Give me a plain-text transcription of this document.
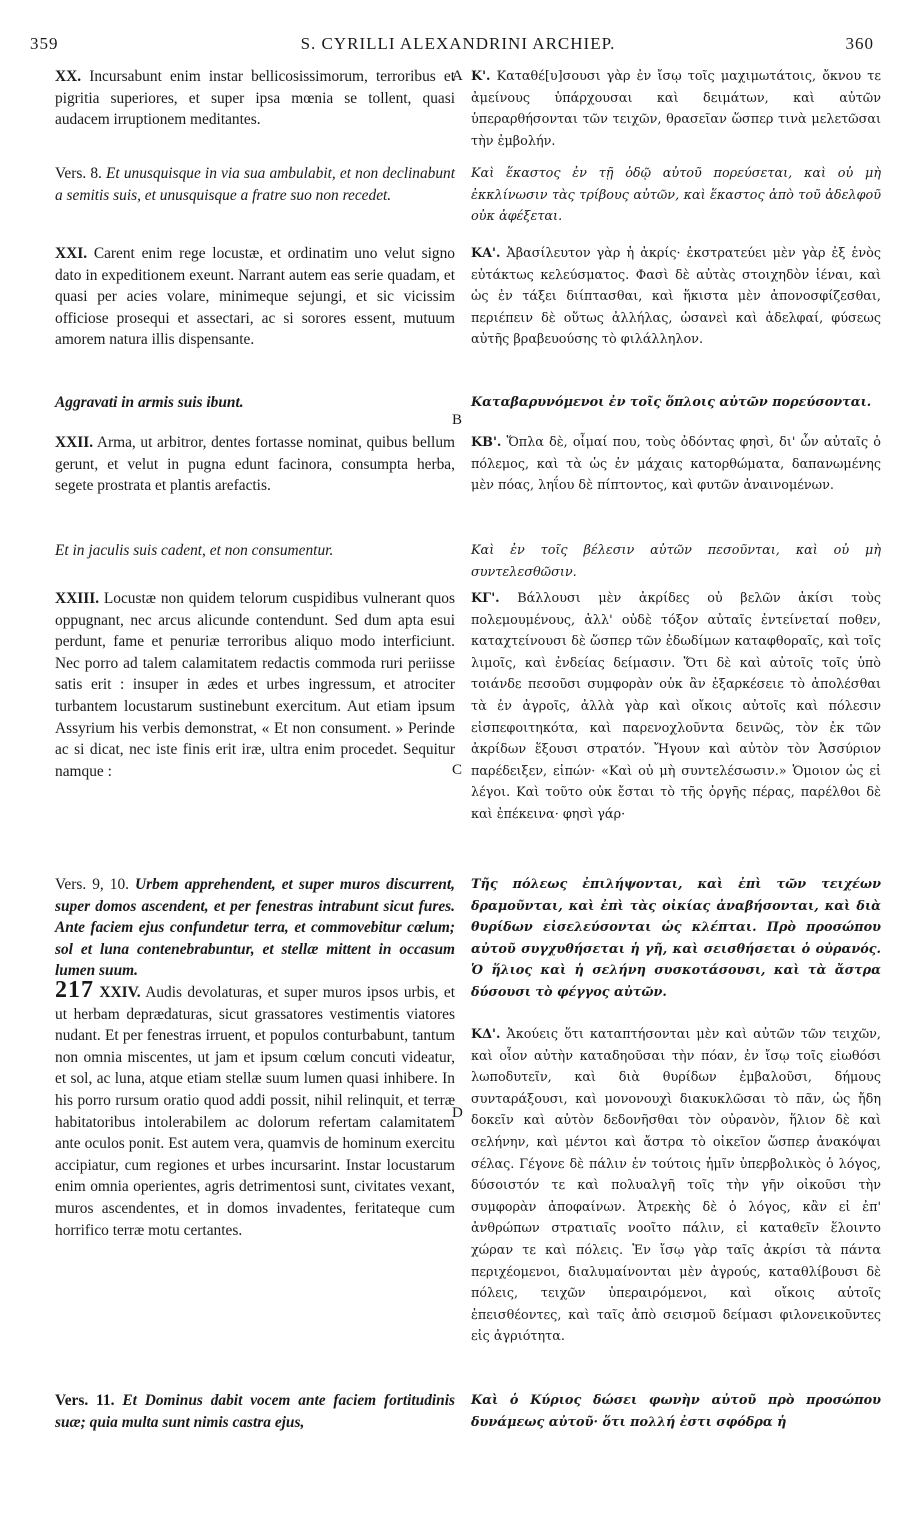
359	S. CYRILLI ALEXANDRINI ARCHIEP.	360
A
B
C
D

XX. Incursabunt enim instar bellicosissimorum, terroribus et pigritia superiores, et super ipsa mœnia se tollent, quasi audacem irruptionem meditantes.

Vers. 8. Et unusquisque in via sua ambulabit, et non declinabunt a semitis suis, et unusquisque a fratre suo non recedet.

XXI. Carent enim rege locustæ, et ordinatim uno velut signo dato in expeditionem exeunt. Narrant autem eas serie quadam, et quasi per acies volare, minimeque sejungi, et sic vicissim officiose prosequi et assectari, ac si sorores essent, mutuum amorem natura illis dispensante.

Aggravati in armis suis ibunt.

XXII. Arma, ut arbitror, dentes fortasse nominat, quibus bellum gerunt, et velut in pugna edunt facinora, consumpta herba, segete prostrata et plantis arefactis.

Et in jaculis suis cadent, et non consumentur.

XXIII. Locustæ non quidem telorum cuspidibus vulnerant quos oppugnant, nec arcus alicunde contendunt. Sed dum apta esui perdunt, fame et penuriæ terroribus aliquo modo interficiunt. Nec porro ad talem calamitatem redactis commoda ruri periisse satis erit : insuper in ædes et urbes ingressum, et atrociter turbantem locustarum sustinebunt exercitum. Aut etiam ipsum Assyrium his verbis demonstrat, « Et non consument. » Perinde ac si dicat, nec iste finis erit iræ, ultra enim procedet. Sequitur namque :

Vers. 9, 10. Urbem apprehendent, et super muros discurrent, super domos ascendent, et per fenestras intrabunt sicut fures. Ante faciem ejus confundetur terra, et commovebitur cœlum; sol et luna contenebrabuntur, et stellæ mittent in occasum lumen suum.

217 XXIV. Audis devolaturas, et super muros ipsos urbis, et ut herbam deprædaturas, sicut grassatores vestimentis viatores nudant. Et per fenestras irruent, et populos conturbabunt, tantum non omnia miscentes, ut jam et ipsum cœlum concuti videatur, et sol, ac luna, atque etiam stellæ suum lumen quasi inhibere. In his porro rursum oratio quod addi possit, nihil relinquit, et terræ habitatoribus intolerabilem ac dolorum refertam calamitatem ante oculos ponit. Est autem vera, quamvis de hominum exercitu accipiatur, cum regiones et urbes incursarint. Instar locustarum enim omnia operientes, agris detrimentosi sunt, civitates vexant, muros ascendentes, et in domos invadentes, feritateque cum horrifico terræ motu certantes.

Vers. 11. Et Dominus dabit vocem ante faciem fortitudinis suæ; quia multa sunt nimis castra ejus,

Κ'. Καταθέ[υ]σουσι γὰρ ἐν ἴσῳ τοῖς μαχιμωτάτοις, ὄκνου τε ἀμείνους ὑπάρχουσαι καὶ δειμάτων, καὶ αὐτῶν ὑπεραρθήσονται τῶν τειχῶν, θρασεῖαν ὥσπερ τινὰ μελετῶσαι τὴν ἐμβολήν.

Καὶ ἕκαστος ἐν τῇ ὁδῷ αὐτοῦ πορεύσεται, καὶ οὐ μὴ ἐκκλίνωσιν τὰς τρίβους αὐτῶν, καὶ ἕκαστος ἀπὸ τοῦ ἀδελφοῦ οὐκ ἀφέξεται.

ΚΑ'. Ἀβασίλευτον γὰρ ἡ ἀκρίς· ἐκστρατεύει μὲν γὰρ ἐξ ἑνὸς εὐτάκτως κελεύσματος. Φασὶ δὲ αὐτὰς στοιχηδὸν ἰέναι, καὶ ὡς ἐν τάξει διίπτασθαι, καὶ ἥκιστα μὲν ἀπονοσφίζεσθαι, περιέπειν δὲ οὕτως ἀλλήλας, ὡσανεὶ καὶ ἀδελφαί, φύσεως αὐτῆς βραβευούσης τὸ φιλάλληλον.

Καταβαρυνόμενοι ἐν τοῖς ὅπλοις αὐτῶν πορεύσονται.

ΚΒ'. Ὅπλα δὲ, οἶμαί που, τοὺς ὀδόντας φησὶ, δι' ὧν αὐταῖς ὁ πόλεμος, καὶ τὰ ὡς ἐν μάχαις κατορθώματα, δαπανωμένης μὲν πόας, ληΐου δὲ πίπτοντος, καὶ φυτῶν ἀναινομένων.

Καὶ ἐν τοῖς βέλεσιν αὐτῶν πεσοῦνται, καὶ οὐ μὴ συντελεσθῶσιν.

ΚΓ'. Βάλλουσι μὲν ἀκρίδες οὐ βελῶν ἀκίσι τοὺς πολεμουμένους, ἀλλ' οὐδὲ τόξον αὐταῖς ἐντείνεταί ποθεν, καταχτείνουσι δὲ ὥσπερ τῶν ἐδωδίμων καταφθοραῖς, καὶ τοῖς λιμοῖς, καὶ ἐνδείας δείμασιν. Ὅτι δὲ καὶ αὐτοῖς τοῖς ὑπὸ τοιάνδε πεσοῦσι συμφορὰν οὐκ ἂν ἐξαρκέσειε τὸ ἀπολέσθαι τὰ ἐν ἀγροῖς, ἀλλὰ γὰρ καὶ οἴκοις αὐτοῖς καὶ πόλεσιν εἰσπεφοιτηκότα, καὶ παρενοχλοῦντα δεινῶς, τὸν ἐκ τῶν ἀκρίδων ἕξουσι στρατόν. Ἤγουν καὶ αὐτὸν τὸν Ἀσσύριον παρέδειξεν, εἰπών· «Καὶ οὐ μὴ συντελέσωσιν.» Ὁμοιον ὡς εἰ λέγοι. Καὶ τοῦτο οὐκ ἔσται τὸ τῆς ὀργῆς πέρας, παρέλθοι δὲ καὶ ἐπέκεινα· φησὶ γάρ·

Τῆς πόλεως ἐπιλήψονται, καὶ ἐπὶ τῶν τειχέων δραμοῦνται, καὶ ἐπὶ τὰς οἰκίας ἀναβήσονται, καὶ διὰ θυρίδων εἰσελεύσονται ὡς κλέπται. Πρὸ προσώπου αὐτοῦ συγχυθήσεται ἡ γῆ, καὶ σεισθήσεται ὁ οὐρανός. Ὁ ἥλιος καὶ ἡ σελήνη συσκοτάσουσι, καὶ τὰ ἄστρα δύσουσι τὸ φέγγος αὐτῶν.

ΚΔ'. Ἀκούεις ὅτι καταπτήσονται μὲν καὶ αὐτῶν τῶν τειχῶν, καὶ οἷον αὐτὴν καταδηοῦσαι τὴν πόαν, ἐν ἴσῳ τοῖς εἰωθόσι λωποδυτεῖν, καὶ διὰ θυρίδων ἐμβαλοῦσι, δήμους συνταράξουσι, καὶ μονονουχὶ διακυκλῶσαι τὸ πᾶν, ὡς ἤδη δοκεῖν καὶ αὐτὸν δεδονῆσθαι τὸν οὐρανὸν, ἥλιον δὲ καὶ σελήνην, καὶ μέντοι καὶ ἄστρα τὸ οἰκεῖον ὥσπερ ἀνακόψαι σέλας. Γέγονε δὲ πάλιν ἐν τούτοις ἡμῖν ὑπερβολικὸς ὁ λόγος, δύσοιστόν τε καὶ πολυαλγῆ τοῖς τὴν γῆν οἰκοῦσι τὴν συμφορὰν ἀποφαίνων. Ἀτρεκὴς δὲ ὁ λόγος, κἂν εἰ ἐπ' ἀνθρώπων στρατιαῖς νοοῖτο πάλιν, εἰ καταθεῖν ἕλοιντο χώραν τε καὶ πόλεις. Ἐν ἴσῳ γὰρ ταῖς ἀκρίσι τὰ πάντα περιχέομενοι, διαλυμαίνονται μὲν ἀγρούς, καταθλίβουσι δὲ πόλεις, τειχῶν ὑπεραιρόμενοι, καὶ οἴκοις αὐτοῖς ἐπεισθέοντες, καὶ ταῖς ἀπὸ σεισμοῦ δείμασι φιλονεικοῦντες εἰς ἀγριότητα.

Καὶ ὁ Κύριος δώσει φωνὴν αὐτοῦ πρὸ προσώπου δυνάμεως αὐτοῦ· ὅτι πολλή ἐστι σφόδρα ἡ
